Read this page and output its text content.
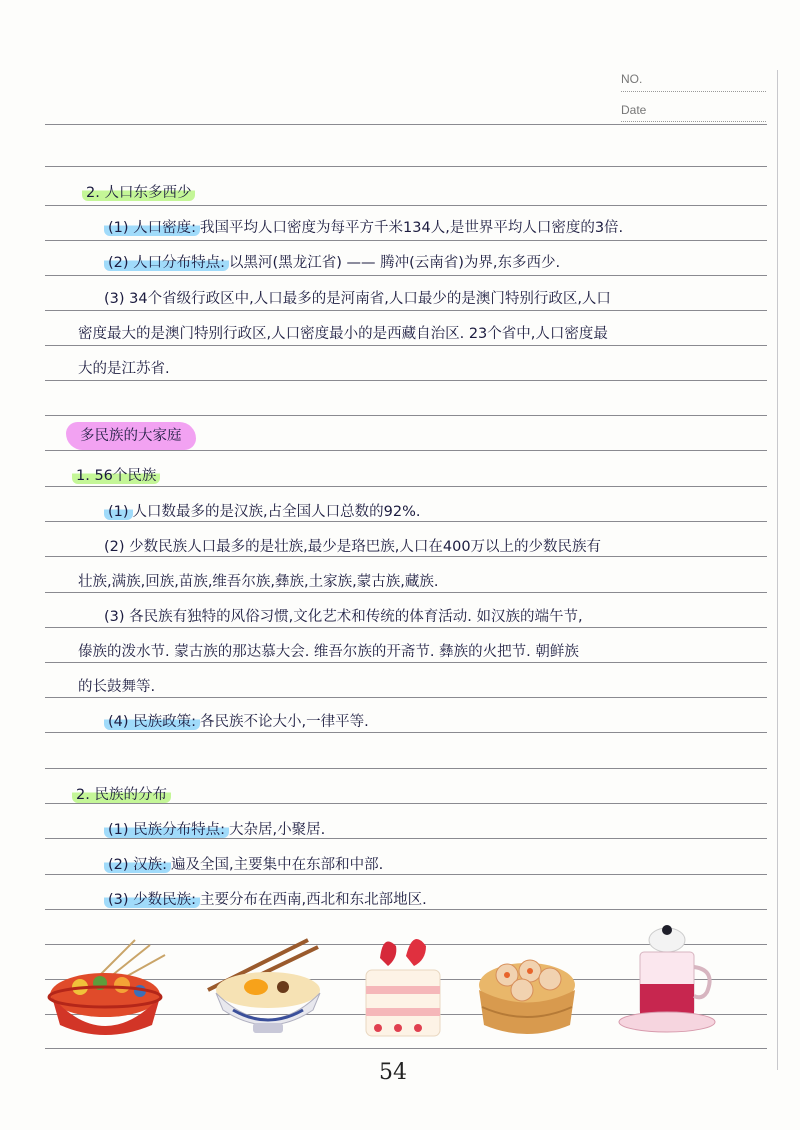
NO.
Date
2. 人口东多西少
(1) 人口密度: 我国平均人口密度为每平方千米134人,是世界平均人口密度的3倍.
(2) 人口分布特点: 以黑河(黑龙江省) —— 腾冲(云南省)为界,东多西少.
(3) 34个省级行政区中,人口最多的是河南省,人口最少的是澳门特别行政区,人口
密度最大的是澳门特别行政区,人口密度最小的是西藏自治区. 23个省中,人口密度最
大的是江苏省.
多民族的大家庭
1. 56个民族
(1) 人口数最多的是汉族,占全国人口总数的92%.
(2) 少数民族人口最多的是壮族,最少是珞巴族,人口在400万以上的少数民族有
壮族,满族,回族,苗族,维吾尔族,彝族,土家族,蒙古族,藏族.
(3) 各民族有独特的风俗习惯,文化艺术和传统的体育活动. 如汉族的端午节,
傣族的泼水节. 蒙古族的那达慕大会. 维吾尔族的开斋节. 彝族的火把节. 朝鲜族
的长鼓舞等.
(4) 民族政策: 各民族不论大小,一律平等.
2. 民族的分布
(1) 民族分布特点: 大杂居,小聚居.
(2) 汉族: 遍及全国,主要集中在东部和中部.
(3) 少数民族: 主要分布在西南,西北和东北部地区.
54
